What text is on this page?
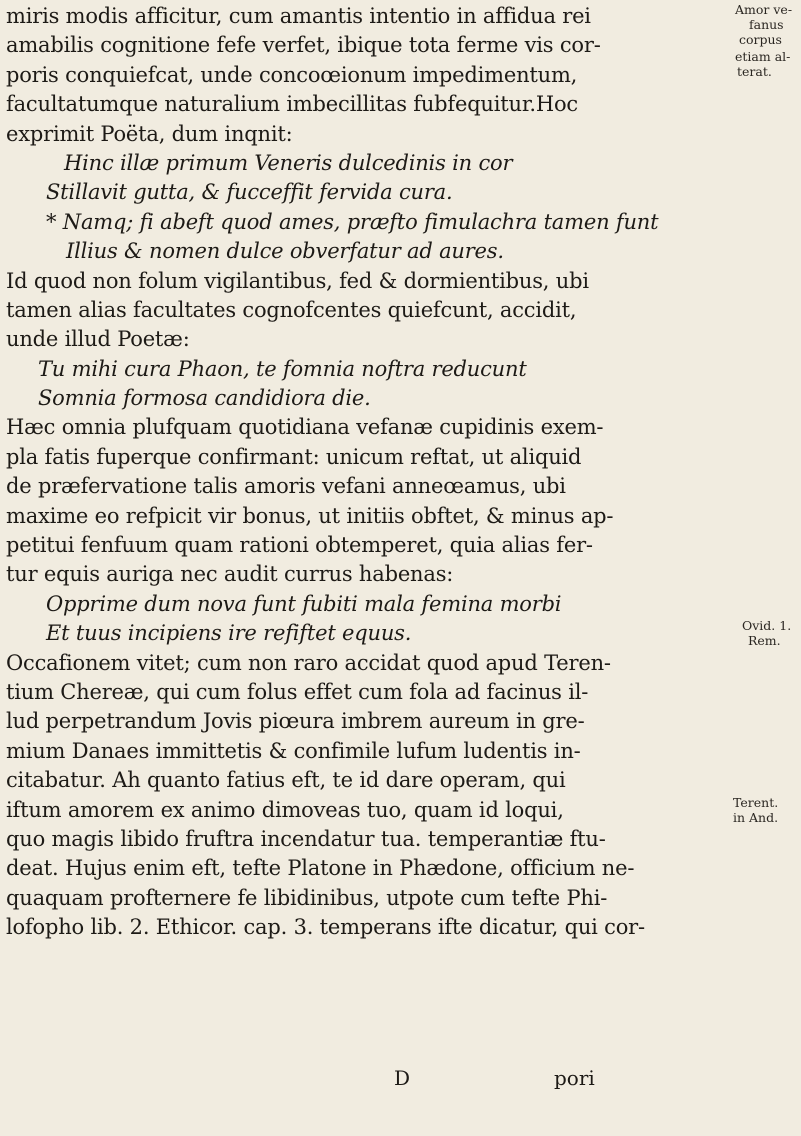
miris modis afficitur, cum amantis intentio in affidua rei
amabilis cognitione fefe verfet, ibique tota ferme vis cor-
poris conquiefcat, unde concoœionum impedimentum,
facultatumque naturalium imbecillitas fubfequitur.Hoc
exprimit Poëta, dum inqnit:
Hinc illæ primum Veneris dulcedinis in cor
Stillavit gutta, & fucceffit fervida cura.
* Namq; fi abeft quod ames, præfto fimulachra tamen funt
Illius & nomen dulce obverfatur ad aures.
Id quod non folum vigilantibus, fed & dormientibus, ubi
tamen alias facultates cognofcentes quiefcunt, accidit,
unde illud Poetæ:
Tu mihi cura Phaon, te fomnia noftra reducunt
Somnia formosa candidiora die.
Hæc omnia plufquam quotidiana vefanæ cupidinis exem-
pla fatis fuperque confirmant: unicum reftat, ut aliquid
de præfervatione talis amoris vefani anneœamus, ubi
maxime eo refpicit vir bonus, ut initiis obftet, & minus ap-
petitui fenfuum quam rationi obtemperet, quia alias fer-
tur equis auriga nec audit currus habenas:
Opprime dum nova funt fubiti mala femina morbi
Et tuus incipiens ire refiftet equus.
Occafionem vitet; cum non raro accidat quod apud Teren-
tium Chereæ, qui cum folus effet cum fola ad facinus il-
lud perpetrandum Jovis piœura imbrem aureum in gre-
mium Danaes immittetis & confimile lufum ludentis in-
citabatur. Ah quanto fatius eft, te id dare operam, qui
iftum amorem ex animo dimoveas tuo, quam id loqui,
quo magis libido fruftra incendatur tua. temperantiæ ftu-
deat. Hujus enim eft, tefte Platone in Phædone, officium ne-
quaquam profternere fe libidinibus, utpote cum tefte Phi-
lofopho lib. 2. Ethicor. cap. 3. temperans ifte dicatur, qui cor-
Amor ve-
fanus
corpus
etiam al-
terat.
Ovid. 1.
Rem.
Terent.
in And.
D	pori
